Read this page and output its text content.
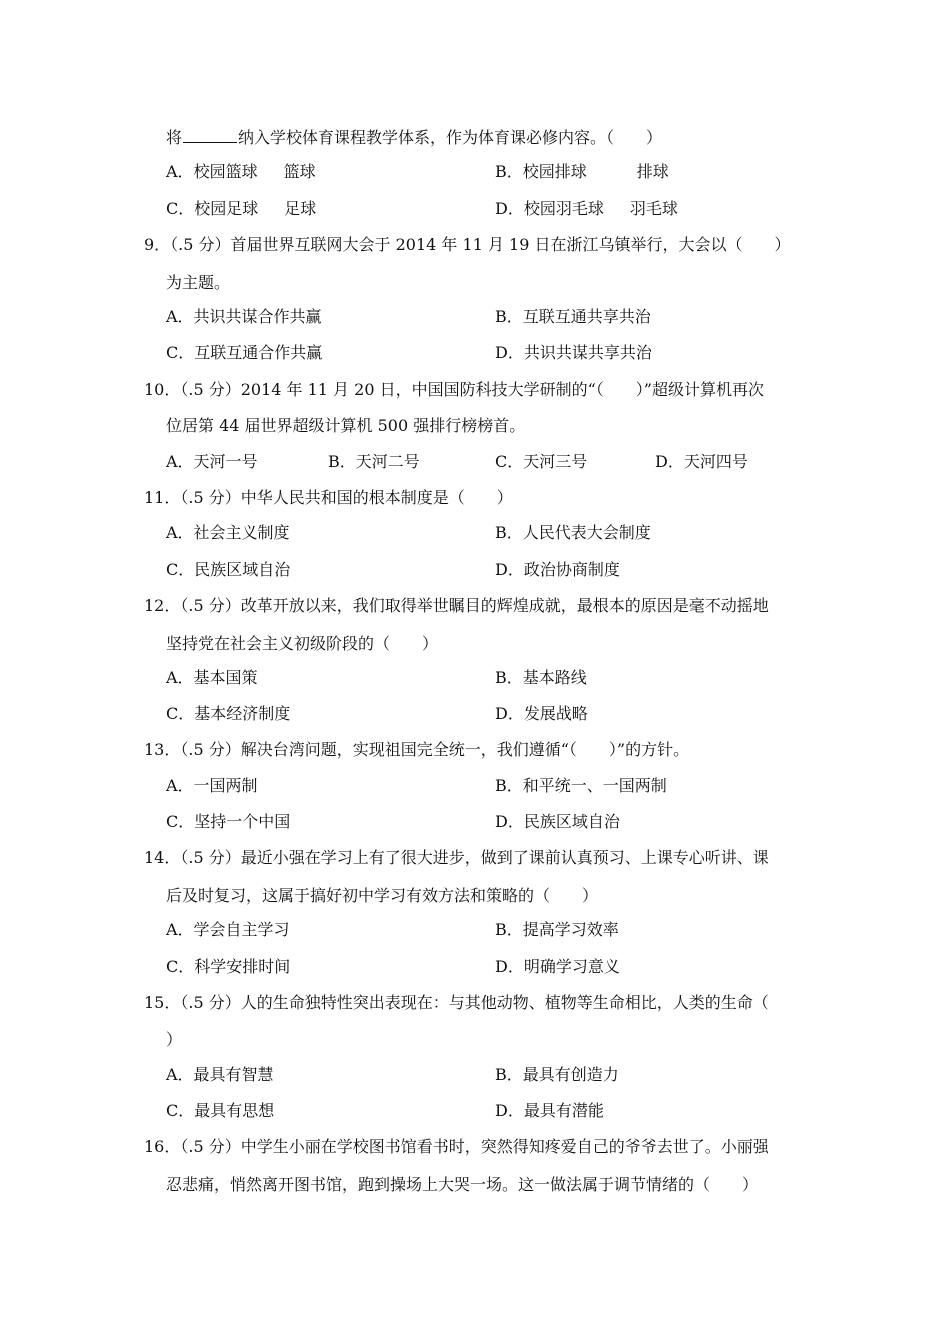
将	纳入学校体育课程教学体系，作为体育课必修内容。（　　）
A．校园篮球 篮球	B．校园排球	排球
C．校园足球 足球	D．校园羽毛球 羽毛球
9．（.5 分）首届世界互联网大会于 2014 年 11 月 19 日在浙江乌镇举行，大会以（　　）
为主题。
A．共识共谋合作共赢	B．互联互通共享共治
C．互联互通合作共赢	D．共识共谋共享共治
10．（.5 分）2014 年 11 月 20 日，中国国防科技大学研制的“（　　）”超级计算机再次
位居第 44 届世界超级计算机 500 强排行榜榜首。
A．天河一号	B．天河二号	C．天河三号	D．天河四号
11．（.5 分）中华人民共和国的根本制度是（　　）
A．社会主义制度	B．人民代表大会制度
C．民族区域自治	D．政治协商制度
12．（.5 分）改革开放以来，我们取得举世瞩目的辉煌成就，最根本的原因是毫不动摇地
坚持党在社会主义初级阶段的（　　）
A．基本国策	B．基本路线
C．基本经济制度	D．发展战略
13．（.5 分）解决台湾问题，实现祖国完全统一，我们遵循“（　　）”的方针。
A．一国两制	B．和平统一、一国两制
C．坚持一个中国	D．民族区域自治
14．（.5 分）最近小强在学习上有了很大进步，做到了课前认真预习、上课专心听讲、课
后及时复习，这属于搞好初中学习有效方法和策略的（　　）
A．学会自主学习	B．提高学习效率
C．科学安排时间	D．明确学习意义
15．（.5 分）人的生命独特性突出表现在：与其他动物、植物等生命相比，人类的生命（
）
A．最具有智慧	B．最具有创造力
C．最具有思想	D．最具有潜能
16．（.5 分）中学生小丽在学校图书馆看书时，突然得知疼爱自己的爷爷去世了。小丽强
忍悲痛，悄然离开图书馆，跑到操场上大哭一场。这一做法属于调节情绪的（　　）
